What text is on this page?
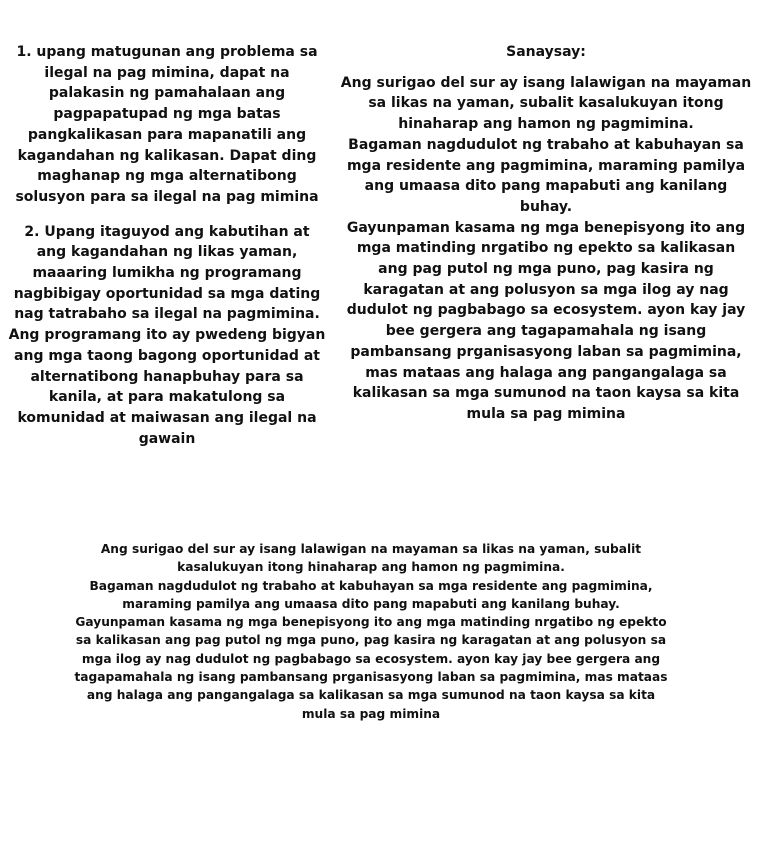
1. upang matugunan ang problema sa ilegal na pag mimina, dapat na palakasin ng pamahalaan ang pagpapatupad ng mga batas pangkalikasan para mapanatili ang kagandahan ng kalikasan. Dapat ding maghanap ng mga alternatibong solusyon para sa ilegal na pag mimina

2. Upang itaguyod ang kabutihan at ang kagandahan ng likas yaman, maaaring lumikha ng programang nagbibigay oportunidad sa mga dating nag tatrabaho sa ilegal na pagmimina. Ang programang ito ay pwedeng bigyan ang mga taong bagong oportunidad at alternatibong hanapbuhay para sa kanila, at para makatulong sa komunidad at maiwasan ang ilegal na gawain

Sanaysay:

Ang surigao del sur ay isang lalawigan na mayaman sa likas na yaman, subalit kasalukuyan itong hinaharap ang hamon ng pagmimina.

Bagaman nagdudulot ng trabaho at kabuhayan sa mga residente ang pagmimina, maraming pamilya ang umaasa dito pang mapabuti ang kanilang buhay.

Gayunpaman kasama ng mga benepisyong ito ang mga matinding nrgatibo ng epekto sa kalikasan ang pag putol ng mga puno, pag kasira ng karagatan at ang polusyon sa mga ilog ay nag dudulot ng pagbabago sa ecosystem. ayon kay jay bee gergera ang tagapamahala ng isang pambansang prganisasyong laban sa pagmimina, mas mataas ang halaga ang pangangalaga sa kalikasan sa mga sumunod na taon kaysa sa kita mula sa pag mimina

Ang surigao del sur ay isang lalawigan na mayaman sa likas na yaman, subalit kasalukuyan itong hinaharap ang hamon ng pagmimina.

Bagaman nagdudulot ng trabaho at kabuhayan sa mga residente ang pagmimina, maraming pamilya ang umaasa dito pang mapabuti ang kanilang buhay.

Gayunpaman kasama ng mga benepisyong ito ang mga matinding nrgatibo ng epekto sa kalikasan ang pag putol ng mga puno, pag kasira ng karagatan at ang polusyon sa mga ilog ay nag dudulot ng pagbabago sa ecosystem. ayon kay jay bee gergera ang tagapamahala ng isang pambansang prganisasyong laban sa pagmimina, mas mataas ang halaga ang pangangalaga sa kalikasan sa mga sumunod na taon kaysa sa kita mula sa pag mimina
